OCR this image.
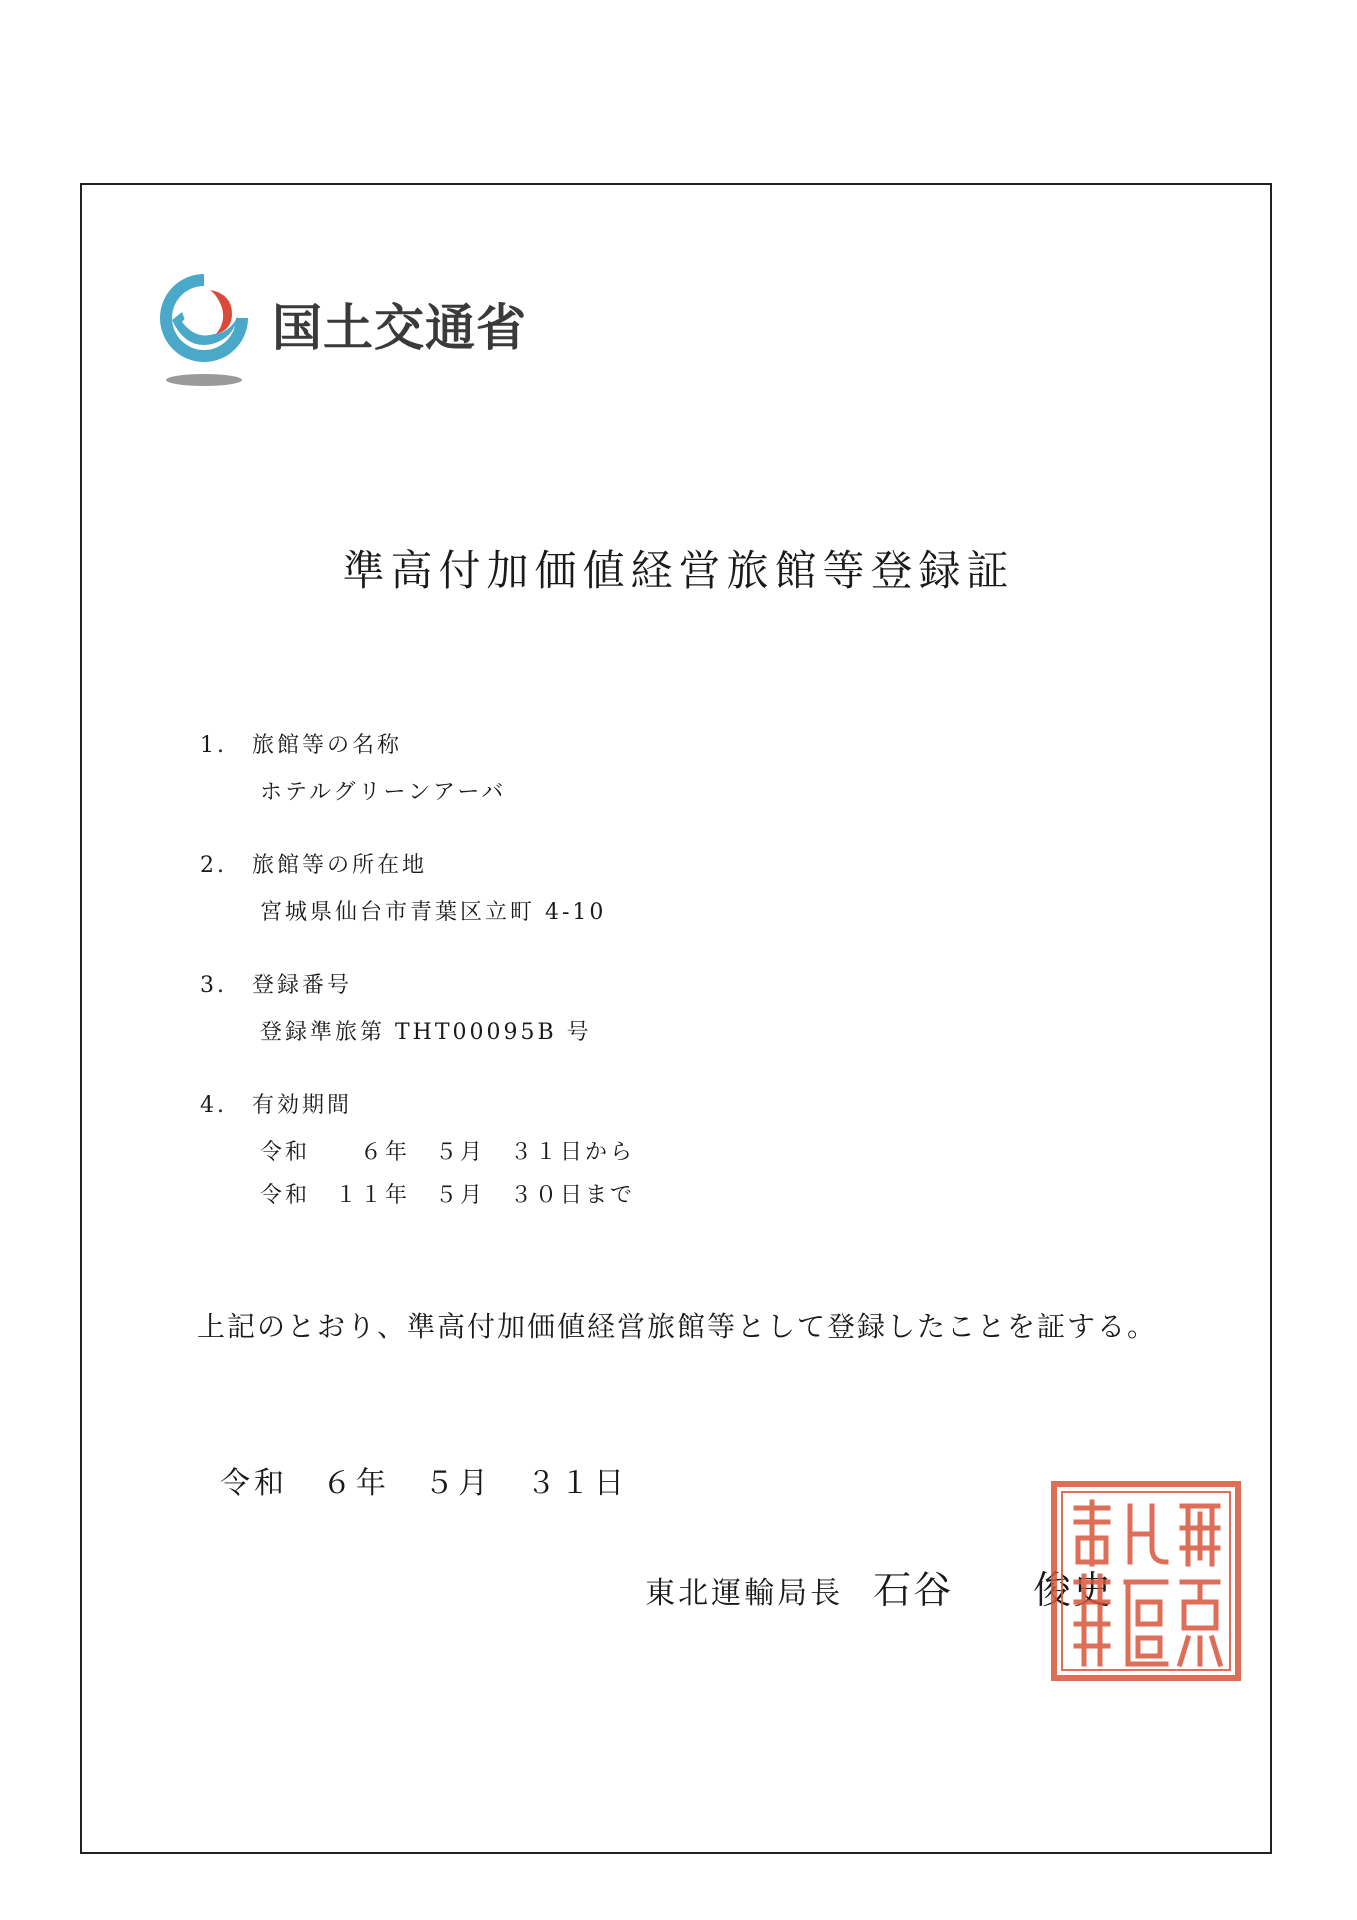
国土交通省
準高付加価値経営旅館等登録証
1. 旅館等の名称
ホテルグリーンアーバ
2. 旅館等の所在地
宮城県仙台市青葉区立町 4-10
3. 登録番号
登録準旅第 THT00095B 号
4. 有効期間
令和　　６年　５月　３１日から
令和　１１年　５月　３０日まで
上記のとおり、準高付加価値経営旅館等として登録したことを証する。
令和　６年　５月　３１日

東北運輸局長 石谷　　俊史
